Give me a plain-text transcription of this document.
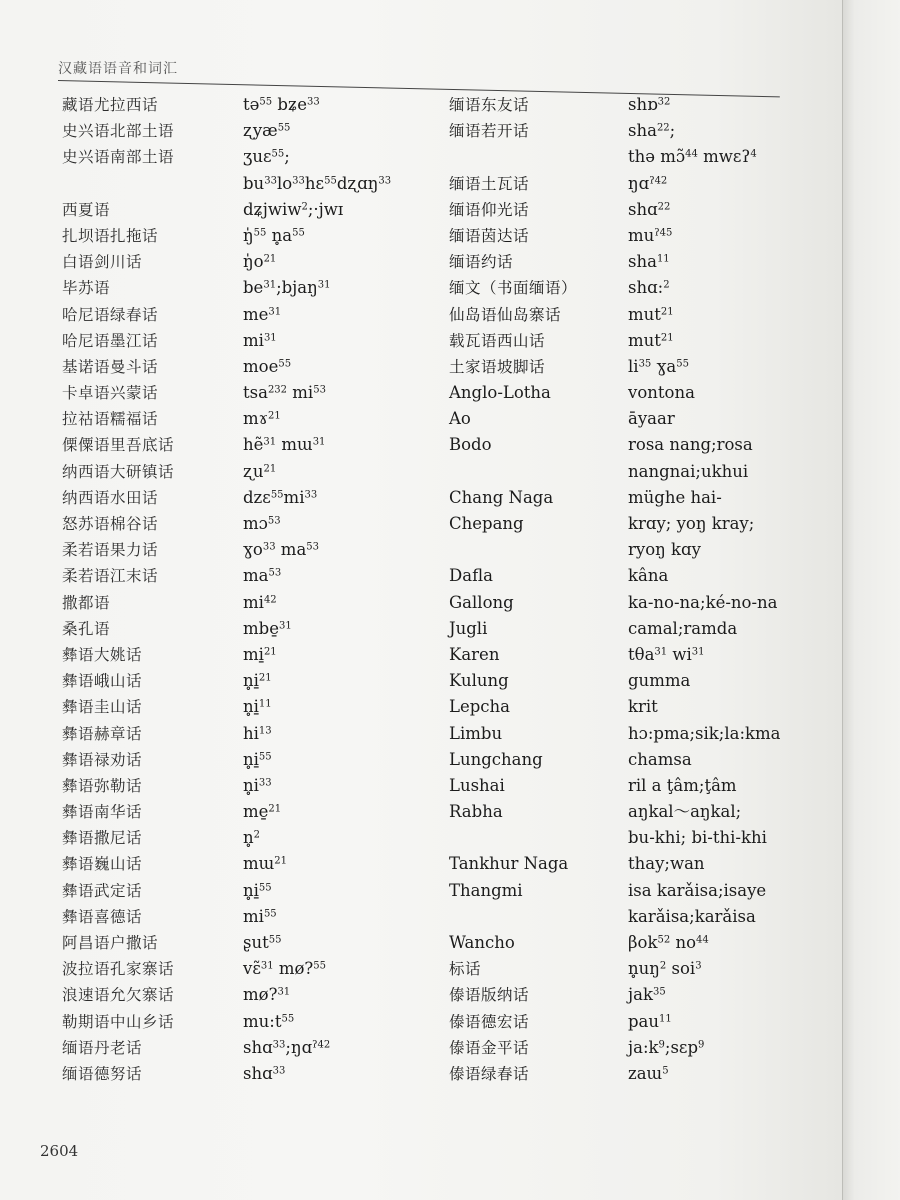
汉藏语语音和词汇
藏语尤拉西话
史兴语北部土语
史兴语南部土语
西夏语
扎坝语扎拖话
白语剑川话
毕苏语
哈尼语绿春话
哈尼语墨江话
基诺语曼斗话
卡卓语兴蒙话
拉祜语糯福话
傈僳语里吾底话
纳西语大研镇话
纳西语水田话
怒苏语棉谷话
柔若语果力话
柔若语江末话
撒都语
桑孔语
彝语大姚话
彝语峨山话
彝语圭山话
彝语赫章话
彝语禄劝话
彝语弥勒话
彝语南华话
彝语撒尼话
彝语巍山话
彝语武定话
彝语喜德话
阿昌语户撒话
波拉语孔家寨话
浪速语允欠寨话
勒期语中山乡话
缅语丹老话
缅语德努话
tə$^{55}$ bʑe$^{33}$
ʐyæ$^{55}$
ʒuɛ$^{55}$;
$bu^{33}lo^{33}hɛ^{55}dʐɑŋ^{33}$
dʑjwiw$^2$;·jwɪ
ŋ̍$^{55}$ $n̥a^{55}$
$ŋ̍o^{21}$
$be^{31};bjaŋ^{31}$
$me^{31}$
$mi^{31}$
moe$^{55}$
tsa$^{232}$ $mi^{53}$
mɤ$^{21}$
hẽ$^{31}$ mɯ$^{31}$
ʐu$^{21}$
$dzɛ^{55}mi^{33}$
mɔ$^{53}$
ɣo$^{33}$ $ma^{53}$
$ma^{53}$
$mi^{42}$
mbe̱$^{31}$
mi̱$^{21}$
n̥i̱$^{21}$
n̥i̱$^{11}$
$hi^{13}$
n̥i̱$^{55}$
$n̥i^{33}$
me̱$^{21}$
n̥$^2$
mɯ$^{21}$
n̥i̱$^{55}$
$mi^{55}$
ʂut$^{55}$
vɛ̃$^{31}$ mø?$^{55}$
mø?$^{31}$
$mu:t^{55}$
shɑ$^{33}$;ŋɑ$^{ʔ42}$
shɑ$^{33}$
缅语东友话
缅语若开话
缅语土瓦话
缅语仰光话
缅语茵达话
缅语约话
缅文（书面缅语）
仙岛语仙岛寨话
载瓦语西山话
土家语坡脚话
Anglo-Lotha
Ao
Bodo
Chang Naga
Chepang
Dafla
Gallong
Jugli
Karen
Kulung
Lepcha
Limbu
Lungchang
Lushai
Rabha
Tankhur Naga
Thangmi
Wancho
标话
傣语版纳话
傣语德宏话
傣语金平话
傣语绿春话
shɒ$^{32}$
sha$^{22}$;
thə mɔ̃$^{44}$ mwɛʔ$^4$
ŋɑ$^{ʔ42}$
shɑ$^{22}$
$mu^{ʔ45}$
sha$^{11}$
shɑ:$^2$
mut$^{21}$
mut$^{21}$
$li^{35}$ ɣa$^{55}$
vontona
āyaar
rosa nang;rosa
nangnai;ukhui
müghe hai-
krɑy; yoŋ kray;
ryoŋ kɑy
kâna
ka-no-na;ké-no-na
camal;ramda
tθa$^{31}$ $wi^{31}$
gumma
krit
hɔ:pma;sik;la:kma
chamsa
ril a ţâm;ţâm
aŋkal～aŋkal;
bu-khi; bi-thi-khi
thay;wan
isa karǎisa;isaye
karǎisa;karǎisa
βok$^{52}$ $no^{44}$
$n̥uŋ^2$ soi$^3$
jak$^{35}$
pau$^{11}$
$ja:k^9;sɛp^9$
zaɯ$^5$
2604
